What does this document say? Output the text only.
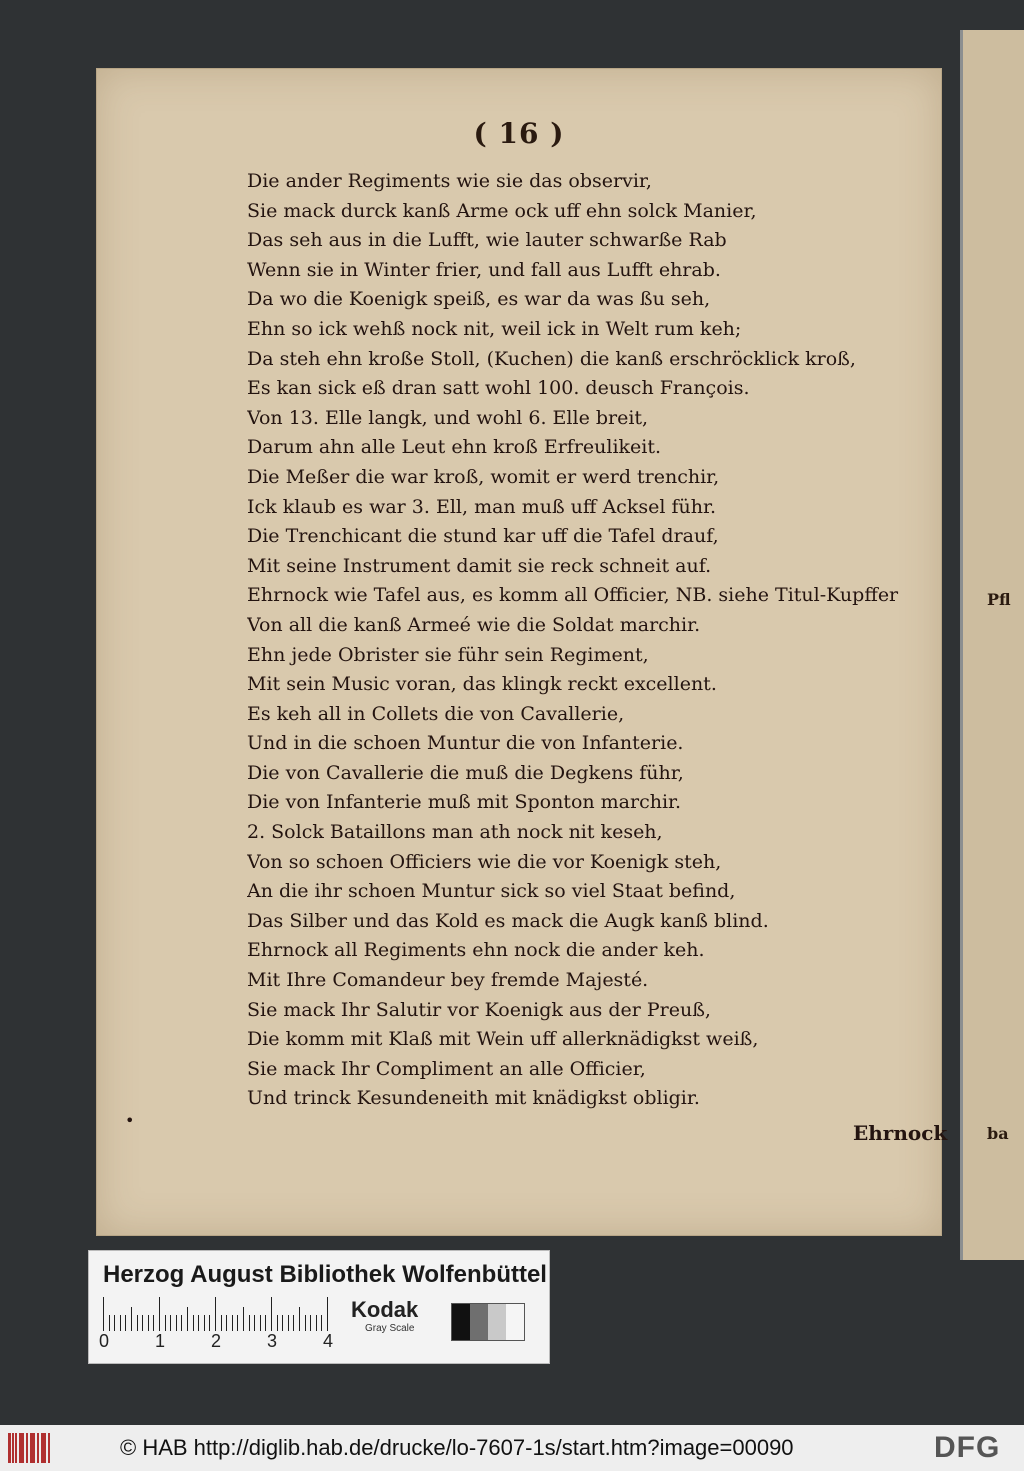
Pfl
ba
( 16 )
Die ander Regiments wie sie das observir,
Sie mack durck kanß Arme ock uff ehn solck Manier,
Das seh aus in die Lufft, wie lauter schwarße Rab
Wenn sie in Winter frier, und fall aus Lufft ehrab.
Da wo die Koenigk speiß, es war da was ßu seh,
Ehn so ick wehß nock nit, weil ick in Welt rum keh;
Da steh ehn kroße Stoll, (Kuchen) die kanß erschröcklick kroß,
Es kan sick eß dran satt wohl 100. deusch François.
Von 13. Elle langk, und wohl 6. Elle breit,
Darum ahn alle Leut ehn kroß Erfreulikeit.
Die Meßer die war kroß, womit er werd trenchir,
Ick klaub es war 3. Ell, man muß uff Acksel führ.
Die Trenchicant die stund kar uff die Tafel drauf,
Mit seine Instrument damit sie reck schneit auf.
Ehrnock wie Tafel aus, es komm all Officier, NB. siehe Titul-Kupffer
Von all die kanß Armeé wie die Soldat marchir.
Ehn jede Obrister sie führ sein Regiment,
Mit sein Music voran, das klingk reckt excellent.
Es keh all in Collets die von Cavallerie,
Und in die schoen Muntur die von Infanterie.
Die von Cavallerie die muß die Degkens führ,
Die von Infanterie muß mit Sponton marchir.
2. Solck Bataillons man ath nock nit keseh,
Von so schoen Officiers wie die vor Koenigk steh,
An die ihr schoen Muntur sick so viel Staat befind,
Das Silber und das Kold es mack die Augk kanß blind.
Ehrnock all Regiments ehn nock die ander keh.
Mit Ihre Comandeur bey fremde Majesté.
Sie mack Ihr Salutir vor Koenigk aus der Preuß,
Die komm mit Klaß mit Wein uff allerknädigkst weiß,
Sie mack Ihr Compliment an alle Officier,
Und trinck Kesundeneith mit knädigkst obligir.
•
Ehrnock
Herzog August Bibliothek Wolfenbüttel
0	1	2	3	4
Kodak
Gray Scale
© HAB http://diglib.hab.de/drucke/lo-7607-1s/start.htm?image=00090	DFG
